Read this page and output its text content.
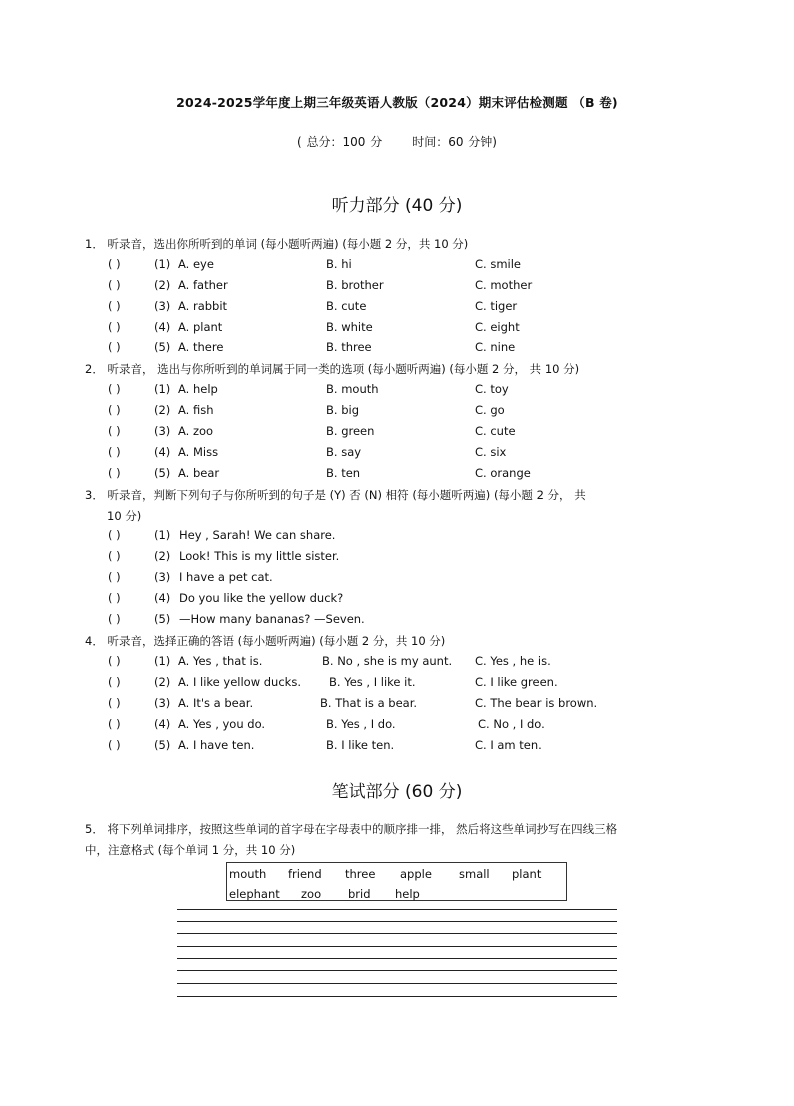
2024-2025学年度上期三年级英语人教版（2024）期末评估检测题 （B 卷)
( 总分：100 分	时间：60 分钟)
听力部分 (40 分)
1． 听录音，选出你所听到的单词 (每小题听两遍) (每小题 2 分，共 10 分)
( )	(1) A. eye	B. hi	C. smile
( )	(2) A. father	B. brother	C. mother
( )	(3) A. rabbit	B. cute	C. tiger
( )	(4) A. plant	B. white	C. eight
( )	(5) A. there	B. three	C. nine
2． 听录音， 选出与你所听到的单词属于同一类的选项 (每小题听两遍) (每小题 2 分， 共 10 分)
( )	(1) A. help	B. mouth	C. toy
( )	(2) A. fish	B. big	C. go
( )	(3) A. zoo	B. green	C. cute
( )	(4) A. Miss	B. say	C. six
( )	(5) A. bear	B. ten	C. orange
3． 听录音，判断下列句子与你所听到的句子是 (Y) 否 (N) 相符 (每小题听两遍) (每小题 2 分， 共
10 分)
( )	(1) Hey , Sarah! We can share.
( )	(2) Look! This is my little sister.
( )	(3) I have a pet cat.
( )	(4) Do you like the yellow duck?
( )	(5) —How many bananas? —Seven.
4． 听录音，选择正确的答语 (每小题听两遍) (每小题 2 分，共 10 分)
( )	(1) A. Yes , that is.	B. No , she is my aunt. C. Yes , he is.
( )	(2) A. I like yellow ducks. B. Yes , I like it.	C. I like green.
( )	(3) A. It's a bear.	B. That is a bear.	C. The bear is brown.
( )	(4) A. Yes , you do.	B. Yes , I do.	C. No , I do.
( )	(5) A. I have ten.	B. I like ten.	C. I am ten.
笔试部分 (60 分)
5． 将下列单词排序，按照这些单词的首字母在字母表中的顺序排一排， 然后将这些单词抄写在四线三格
中，注意格式 (每个单词 1 分，共 10 分)
mouth friend three apple small plant
elephant zoo brid help
